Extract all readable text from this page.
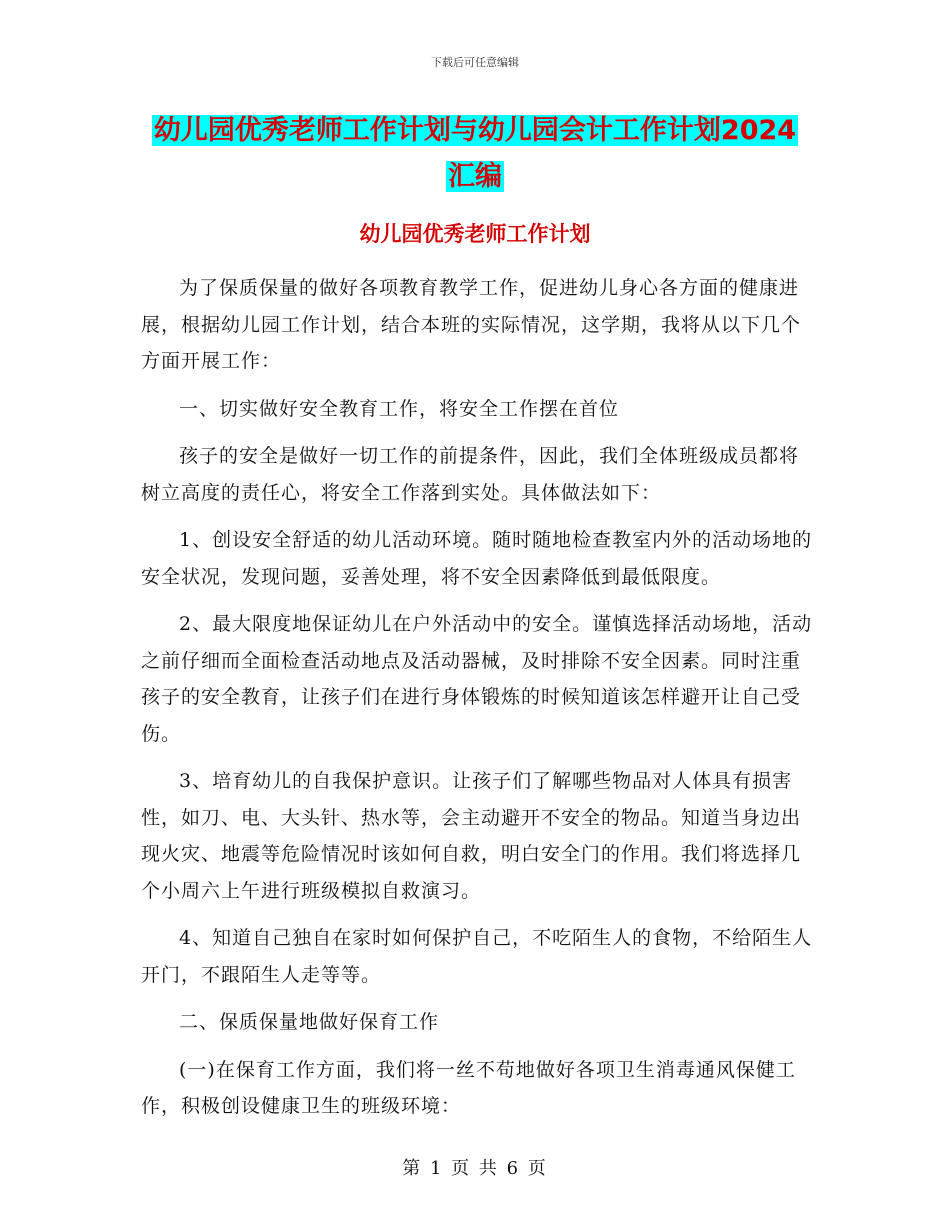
下载后可任意编辑
幼儿园优秀老师工作计划与幼儿园会计工作计划2024
汇编
幼儿园优秀老师工作计划

为了保质保量的做好各项教育教学工作，促进幼儿身心各方面的健康进展，根据幼儿园工作计划，结合本班的实际情况，这学期，我将从以下几个方面开展工作：

一、切实做好安全教育工作，将安全工作摆在首位

孩子的安全是做好一切工作的前提条件，因此，我们全体班级成员都将树立高度的责任心，将安全工作落到实处。具体做法如下：

1、创设安全舒适的幼儿活动环境。随时随地检查教室内外的活动场地的安全状况，发现问题，妥善处理，将不安全因素降低到最低限度。

2、最大限度地保证幼儿在户外活动中的安全。谨慎选择活动场地，活动之前仔细而全面检查活动地点及活动器械，及时排除不安全因素。同时注重孩子的安全教育，让孩子们在进行身体锻炼的时候知道该怎样避开让自己受伤。

3、培育幼儿的自我保护意识。让孩子们了解哪些物品对人体具有损害性，如刀、电、大头针、热水等，会主动避开不安全的物品。知道当身边出现火灾、地震等危险情况时该如何自救，明白安全门的作用。我们将选择几个小周六上午进行班级模拟自救演习。

4、知道自己独自在家时如何保护自己，不吃陌生人的食物，不给陌生人开门，不跟陌生人走等等。

二、保质保量地做好保育工作

(一)在保育工作方面，我们将一丝不苟地做好各项卫生消毒通风保健工作，积极创设健康卫生的班级环境：

第 1 页 共 6 页
